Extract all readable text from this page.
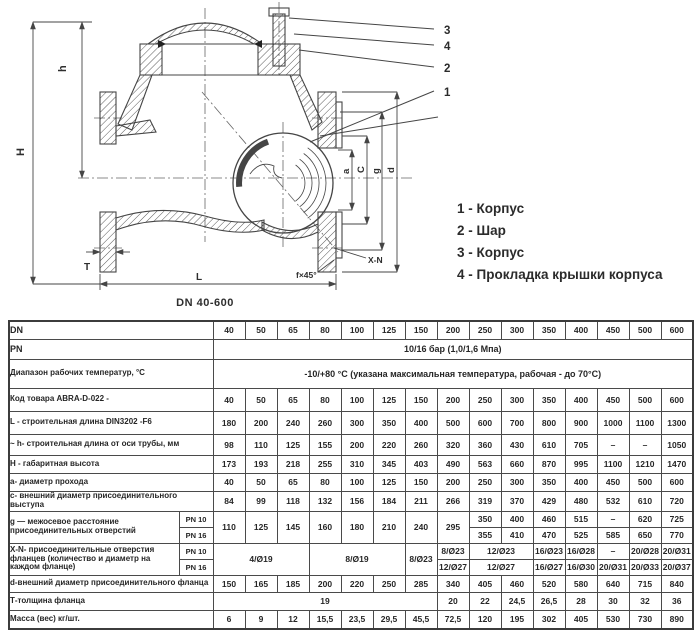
H
h
T
L
a C g d
X-N
f×45°
3
4
2
1
DN 40-600
1 - Корпус
2 - Шар
3 - Корпус
4 - Прокладка крышки корпуса
DN		40	50	65	80	100	125	150	200	250	300	350	400	450	500	600
PN		10/16 бар (1,0/1,6 Мпа)														
Диапазон рабочих температур, °С		-10/+80 °С (указана максимальная температура, рабочая - до 70°С)														
Код товара ABRA-D-022 -		40	50	65	80	100	125	150	200	250	300	350	400	450	500	600
L - строительная длина DIN3202 -F6		180	200	240	260	300	350	400	500	600	700	800	900	1000	1100	1300
~ h- строительная длина от оси трубы, мм		98	110	125	155	200	220	260	320	360	430	610	705	–	–	1050
Н - габаритная высота		173	193	218	255	310	345	403	490	563	660	870	995	1100	1210	1470
а- диаметр прохода		40	50	65	80	100	125	150	200	250	300	350	400	450	500	600
с- внешний диаметр присоединительного выступа		84	99	118	132	156	184	211	266	319	370	429	480	532	610	720
g — межосевое расстояние присоединительных отверстий	PN 10	110	125	145	160	180	210	240	295	350	400	460	515	–	620	725
	PN 16									355	410	470	525	585	650	770
X-N- присоединительные отверстия фланцев (количество и диаметр на каждом фланце)	PN 10	4/Ø19			8/Ø19			8/Ø23	8/Ø23	12/Ø23		16/Ø23	16/Ø28	–	20/Ø28	20/Ø31
	PN 16								12/Ø27	12/Ø27		16/Ø27	16/Ø30	20/Ø31	20/Ø33	20/Ø37
d-внешний диаметр присоединительного фланца		150	165	185	200	220	250	285	340	405	460	520	580	640	715	840
Т-толщина фланца		19							20	22	24,5	26,5	28	30	32	36
Масса (вес) кг/шт.		6	9	12	15,5	23,5	29,5	45,5	72,5	120	195	302	405	530	730	890
